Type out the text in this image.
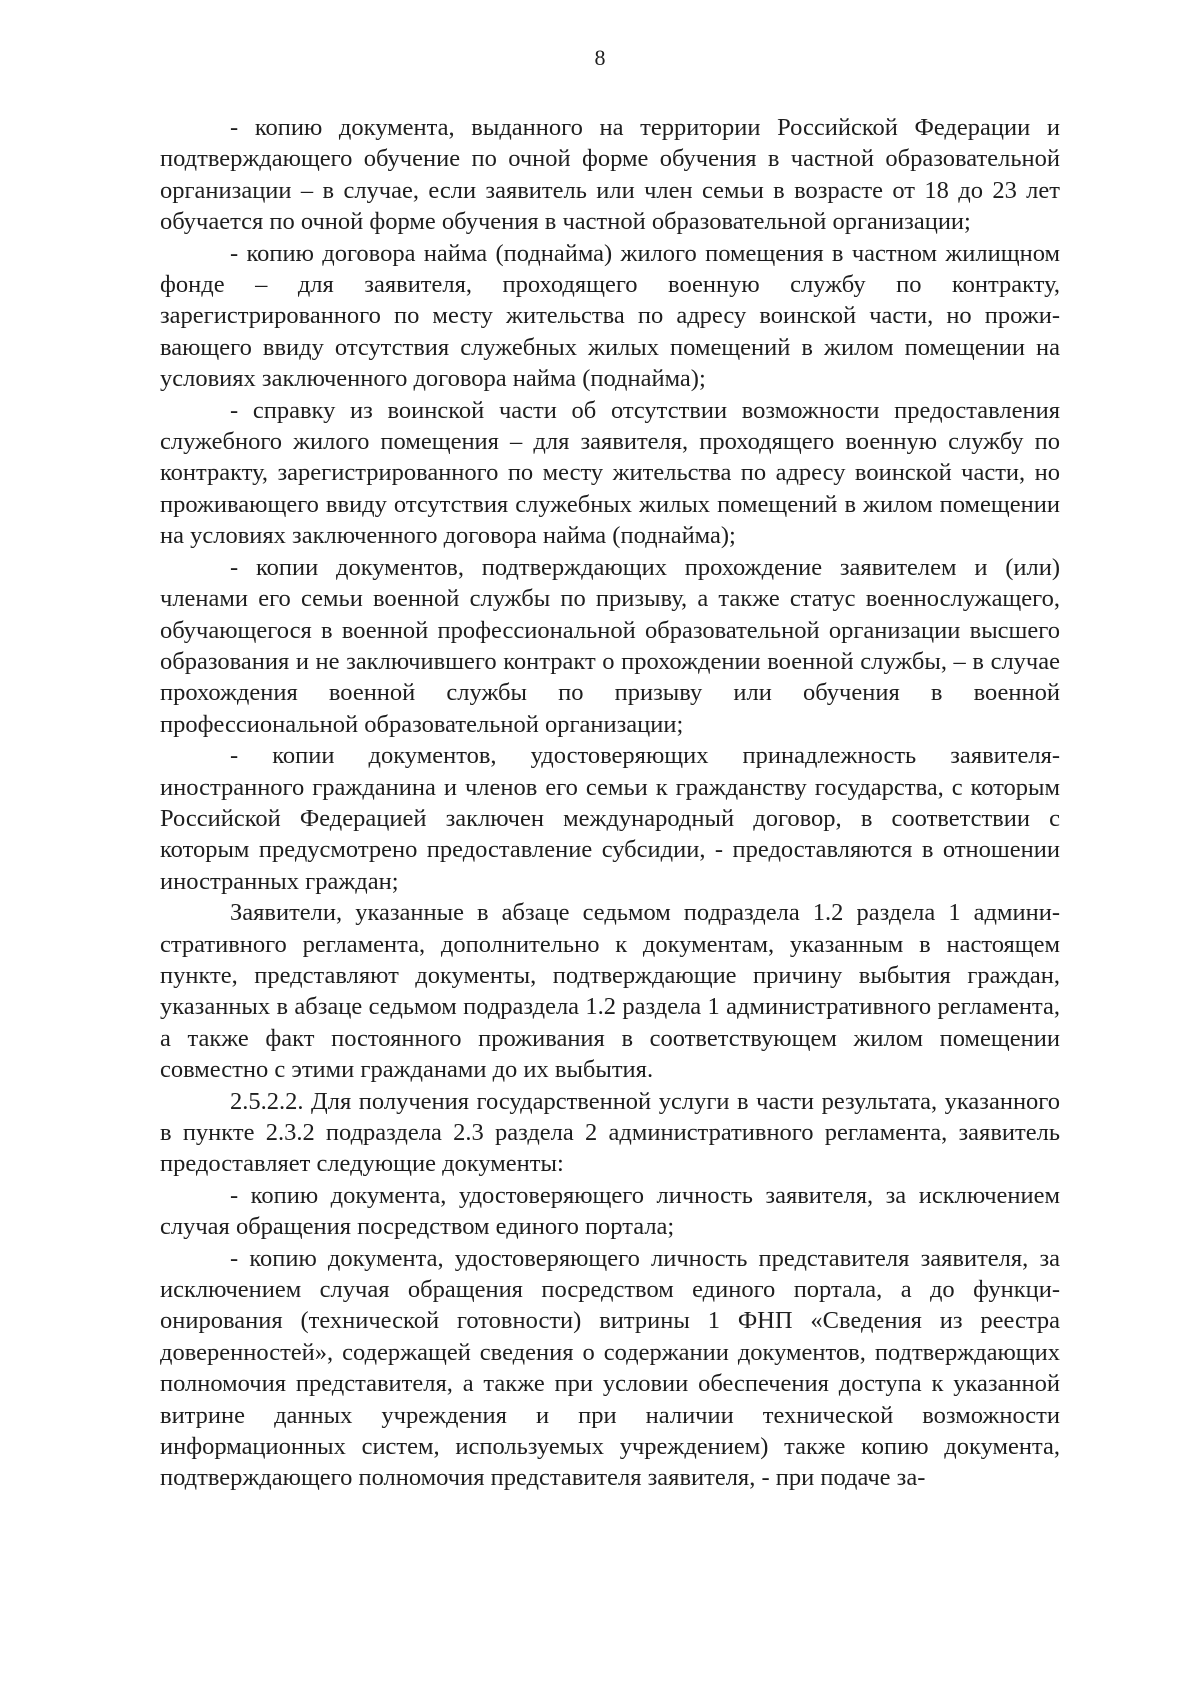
8

- копию документа, выданного на территории Российской Федерации и подтверждающего обучение по очной форме обучения в частной образовательной организации – в случае, если заявитель или член семьи в возрасте от 18 до 23 лет обучается по очной форме обучения в частной образовательной организации;

- копию договора найма (поднайма) жилого помещения в частном жилищном фонде – для заявителя, проходящего военную службу по контракту, зарегистрированного по месту жительства по адресу воинской части, но проживающего ввиду отсутствия служебных жилых помещений в жилом помещении на условиях заключенного договора найма (поднайма);

- справку из воинской части об отсутствии возможности предоставления служебного жилого помещения – для заявителя, проходящего военную службу по контракту, зарегистрированного по месту жительства по адресу воинской части, но проживающего ввиду отсутствия служебных жилых помещений в жилом помещении на условиях заключенного договора найма (поднайма);

- копии документов, подтверждающих прохождение заявителем и (или) членами его семьи военной службы по призыву, а также статус военнослужащего, обучающегося в военной профессиональной образовательной организации высшего образования и не заключившего контракт о прохождении военной службы, – в случае прохождения военной службы по призыву или обучения в военной профессиональной образовательной организации;

- копии документов, удостоверяющих принадлежность заявителя-иностранного гражданина и членов его семьи к гражданству государства, с которым Российской Федерацией заключен международный договор, в соответствии с которым предусмотрено предоставление субсидии, - предоставляются в отношении иностранных граждан;

Заявители, указанные в абзаце седьмом подраздела 1.2 раздела 1 административного регламента, дополнительно к документам, указанным в настоящем пункте, представляют документы, подтверждающие причину выбытия граждан, указанных в абзаце седьмом подраздела 1.2 раздела 1 административного регламента, а также факт постоянного проживания в соответствующем жилом помещении совместно с этими гражданами до их выбытия.

2.5.2.2. Для получения государственной услуги в части результата, указанного в пункте 2.3.2 подраздела 2.3 раздела 2 административного регламента, заявитель предоставляет следующие документы:

- копию документа, удостоверяющего личность заявителя, за исключением случая обращения посредством единого портала;

- копию документа, удостоверяющего личность представителя заявителя, за исключением случая обращения посредством единого портала, а до функционирования (технической готовности) витрины 1 ФНП «Сведения из реестра доверенностей», содержащей сведения о содержании документов, подтверждающих полномочия представителя, а также при условии обеспечения доступа к указанной витрине данных учреждения и при наличии технической возможности информационных систем, используемых учреждением) также копию документа, подтверждающего полномочия представителя заявителя, - при подаче за-
